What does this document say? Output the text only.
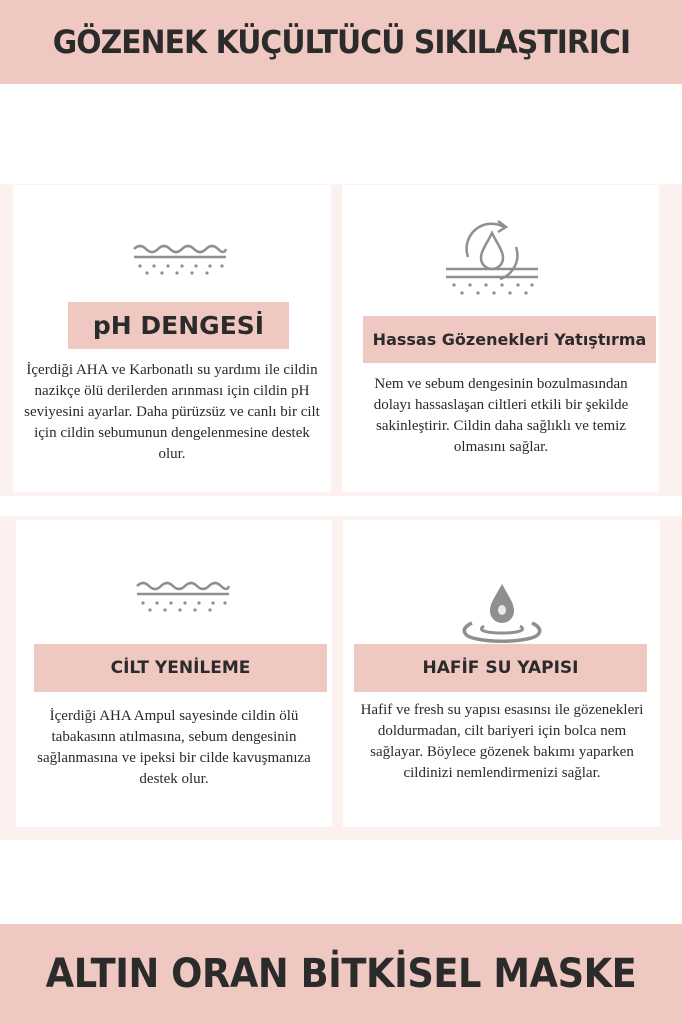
GÖZENEK KÜÇÜLTÜCÜ SIKILAŞTIRICI
pH DENGESİ
İçerdiği AHA ve Karbonatlı su yardımı ile cildin nazikçe ölü derilerden arınması için cildin pH seviyesini ayarlar. Daha pürüzsüz ve canlı bir cilt için cildin sebumunun dengelenmesine destek olur.
Hassas Gözenekleri Yatıştırma
Nem ve sebum dengesinin bozulmasından dolayı hassaslaşan ciltleri etkili bir şekilde sakinleştirir. Cildin daha sağlıklı ve temiz olmasını sağlar.
CİLT YENİLEME
İçerdiği AHA Ampul sayesinde cildin ölü tabakasınn atılmasına, sebum dengesinin sağlanmasına ve ipeksi bir cilde kavuşmanıza destek olur.
HAFİF SU YAPISI
Hafif ve fresh su yapısı esasınsı ile gözenekleri doldurmadan, cilt bariyeri için bolca nem sağlayar. Böylece gözenek bakımı yaparken cildinizi nemlendirmenizi sağlar.
ALTIN ORAN BİTKİSEL MASKE
